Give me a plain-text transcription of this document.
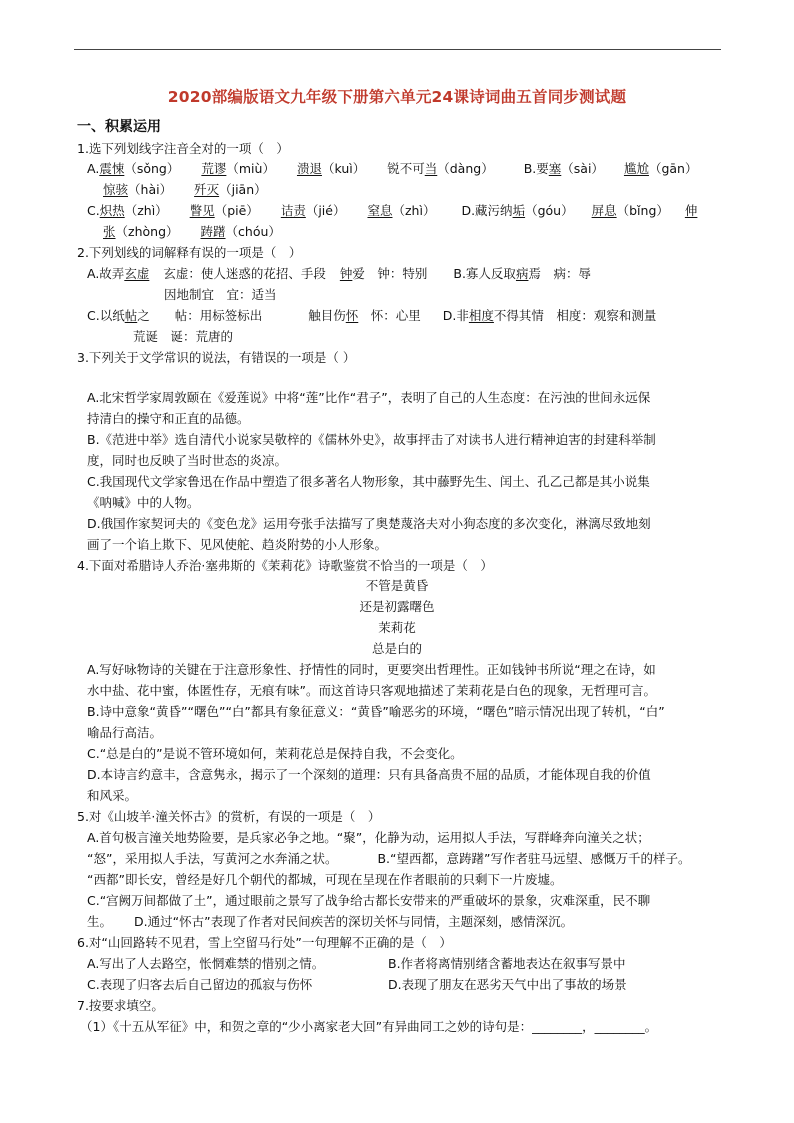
2020部编版语文九年级下册第六单元24课诗词曲五首同步测试题
一、积累运用
1.选下列划线字注音全对的一项（　）
A.震悚（sǒng） 荒谬（miù） 溃退（kuì） 锐不可当（dàng） B.要塞（sài） 尴尬（gān）
惊骇（hài） 歼灭（jiān）
C.炽热（zhì） 瞥见（piē） 诘责（jié） 窒息（zhì） D.藏污纳垢（góu） 屏息（bǐng） 伸
张（zhòng） 踌躇（chóu）
2.下列划线的词解释有误的一项是（　）
A.故弄玄虚 玄虚：使人迷惑的花招、手段 钟爱　钟：特别 B.寡人反取病焉　病：辱
因地制宜　宜：适当
C.以纸帖之　　帖：用标签标出	触目伤怀　怀：心里 D.非相度不得其情　相度：观察和测量
荒诞　诞：荒唐的
3.下列关于文学常识的说法，有错误的一项是（ ）
A.北宋哲学家周敦颐在《爱莲说》中将“莲”比作“君子”，表明了自己的人生态度：在污浊的世间永远保
持清白的操守和正直的品德。
B.《范进中举》选自清代小说家吴敬梓的《儒林外史》，故事抨击了对读书人进行精神迫害的封建科举制
度，同时也反映了当时世态的炎凉。
C.我国现代文学家鲁迅在作品中塑造了很多著名人物形象，其中藤野先生、闰土、孔乙己都是其小说集
《呐喊》中的人物。
D.俄国作家契诃夫的《变色龙》运用夸张手法描写了奥楚蔑洛夫对小狗态度的多次变化，淋漓尽致地刻
画了一个谄上欺下、见风使舵、趋炎附势的小人形象。
4.下面对希腊诗人乔治·塞弗斯的《茉莉花》诗歌鉴赏不恰当的一项是（　）
不管是黄昏
还是初露曙色
茉莉花
总是白的
A.写好咏物诗的关键在于注意形象性、抒情性的同时，更要突出哲理性。正如钱钟书所说“理之在诗，如
水中盐、花中蜜，体匿性存，无痕有味”。而这首诗只客观地描述了茉莉花是白色的现象，无哲理可言。
B.诗中意象“黄昏”“曙色”“白”都具有象征意义：“黄昏”喻恶劣的环境，“曙色”暗示情况出现了转机，“白”
喻品行高洁。
C.“总是白的”是说不管环境如何，茉莉花总是保持自我，不会变化。
D.本诗言约意丰，含意隽永，揭示了一个深刻的道理：只有具备高贵不屈的品质，才能体现自我的价值
和风采。
5.对《山坡羊·潼关怀古》的赏析，有误的一项是（　）
A.首句极言潼关地势险要，是兵家必争之地。“聚”，化静为动，运用拟人手法，写群峰奔向潼关之状；
“怒”，采用拟人手法，写黄河之水奔涌之状。	B.“望西都，意踌躇”写作者驻马远望、感慨万千的样子。
“西都”即长安，曾经是好几个朝代的都城，可现在呈现在作者眼前的只剩下一片废墟。
C.“宫阙万间都做了土”，通过眼前之景写了战争给古都长安带来的严重破坏的景象，灾难深重，民不聊
生。 D.通过“怀古”表现了作者对民间疾苦的深切关怀与同情，主题深刻，感情深沉。
6.对“山回路转不见君，雪上空留马行处”一句理解不正确的是（　）
A.写出了人去路空，怅惘难禁的惜别之情。	B.作者将离情别绪含蓄地表达在叙事写景中
C.表现了归客去后自己留边的孤寂与伤怀	D.表现了朋友在恶劣天气中出了事故的场景
7.按要求填空。
（1）《十五从军征》中，和贺之章的“少小离家老大回”有异曲同工之妙的诗句是：________，________。
